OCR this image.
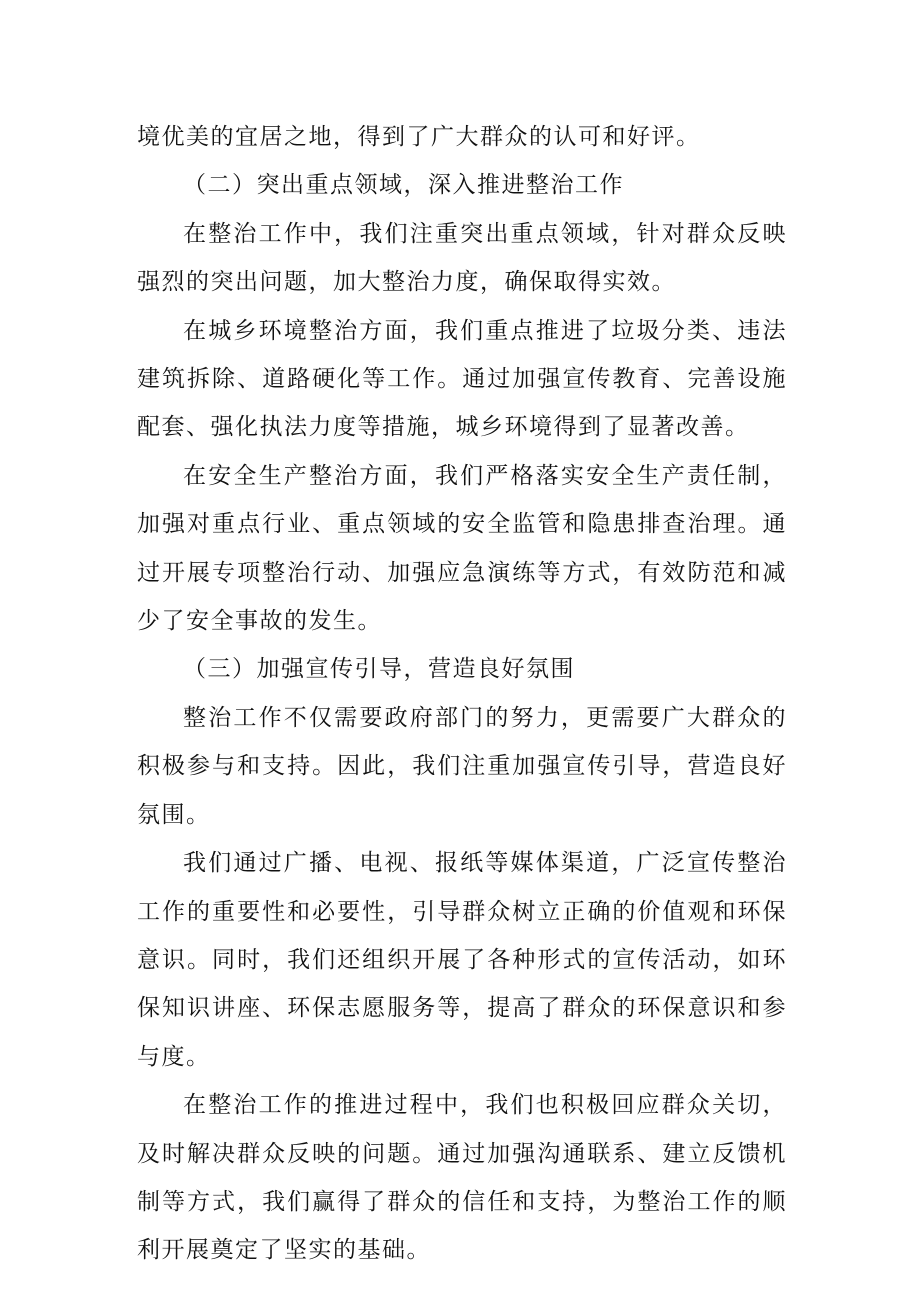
境优美的宜居之地，得到了广大群众的认可和好评。

（二）突出重点领域，深入推进整治工作

在整治工作中，我们注重突出重点领域，针对群众反映强烈的突出问题，加大整治力度，确保取得实效。

在城乡环境整治方面，我们重点推进了垃圾分类、违法建筑拆除、道路硬化等工作。通过加强宣传教育、完善设施配套、强化执法力度等措施，城乡环境得到了显著改善。

在安全生产整治方面，我们严格落实安全生产责任制，加强对重点行业、重点领域的安全监管和隐患排查治理。通过开展专项整治行动、加强应急演练等方式，有效防范和减少了安全事故的发生。

（三）加强宣传引导，营造良好氛围

整治工作不仅需要政府部门的努力，更需要广大群众的积极参与和支持。因此，我们注重加强宣传引导，营造良好氛围。

我们通过广播、电视、报纸等媒体渠道，广泛宣传整治工作的重要性和必要性，引导群众树立正确的价值观和环保意识。同时，我们还组织开展了各种形式的宣传活动，如环保知识讲座、环保志愿服务等，提高了群众的环保意识和参与度。

在整治工作的推进过程中，我们也积极回应群众关切，及时解决群众反映的问题。通过加强沟通联系、建立反馈机制等方式，我们赢得了群众的信任和支持，为整治工作的顺利开展奠定了坚实的基础。
